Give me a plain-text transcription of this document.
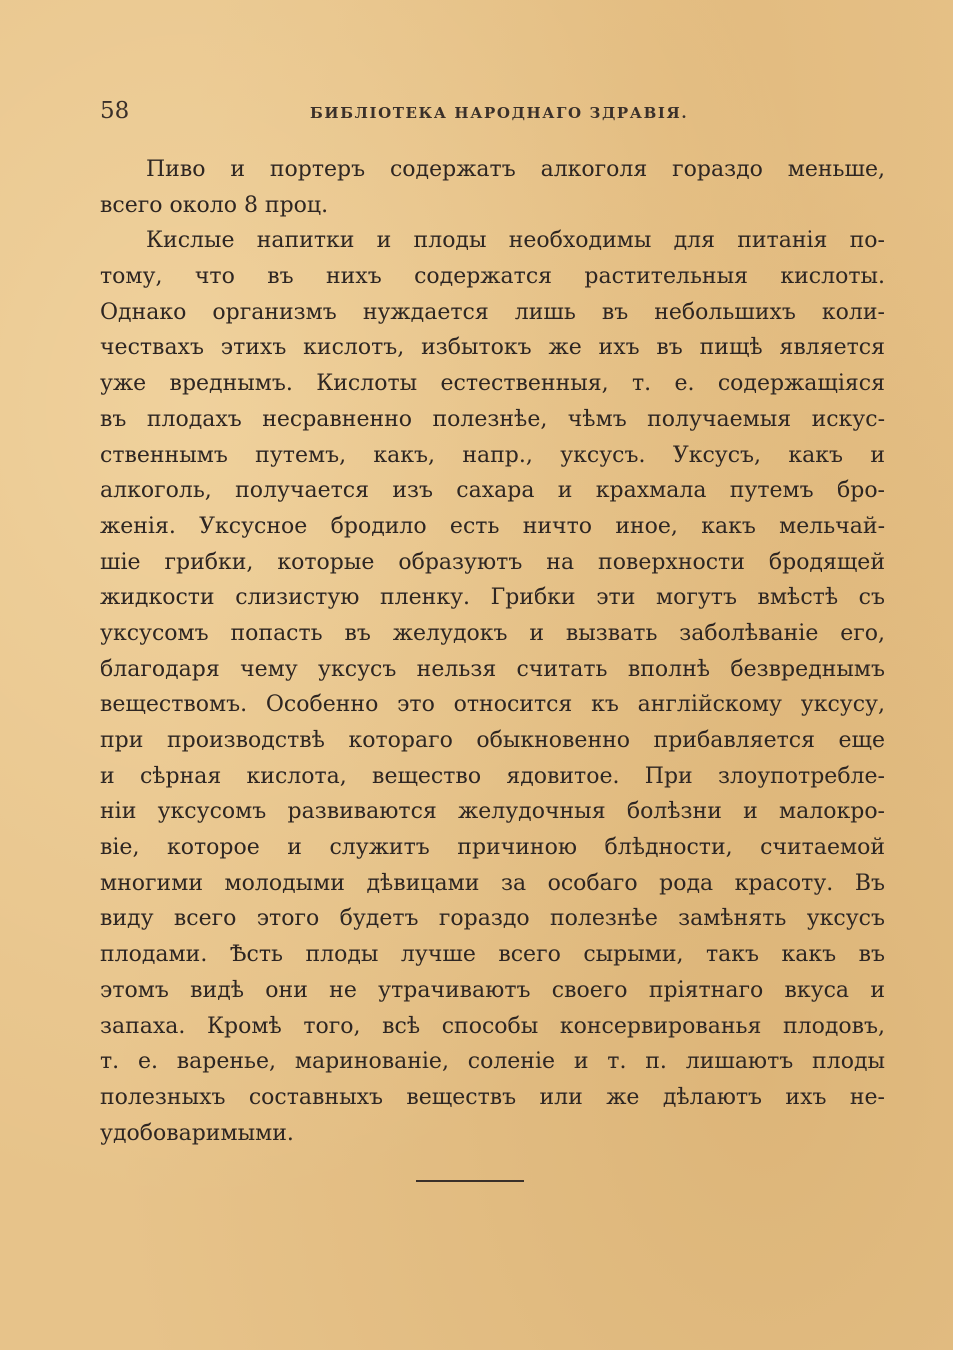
58	БИБЛIОТЕКА НАРОДНАГО ЗДРАВIЯ.
Пиво и портеръ содержатъ алкоголя гораздо меньше,
всего около 8 проц.
Кислые напитки и плоды необходимы для питанія по-
тому, что въ нихъ содержатся растительныя кислоты.
Однако организмъ нуждается лишь въ небольшихъ коли-
чествахъ этихъ кислотъ, избытокъ же ихъ въ пищѣ является
уже вреднымъ. Кислоты естественныя, т. е. содержащіяся
въ плодахъ несравненно полезнѣе, чѣмъ получаемыя искус-
ственнымъ путемъ, какъ, напр., уксусъ. Уксусъ, какъ и
алкоголь, получается изъ сахара и крахмала путемъ бро-
женія. Уксусное бродило есть ничто иное, какъ мельчай-
шіе грибки, которые образуютъ на поверхности бродящей
жидкости слизистую пленку. Грибки эти могутъ вмѣстѣ съ
уксусомъ попасть въ желудокъ и вызвать заболѣваніе его,
благодаря чему уксусъ нельзя считать вполнѣ безвреднымъ
веществомъ. Особенно это относится къ англійскому уксусу,
при производствѣ котораго обыкновенно прибавляется еще
и сѣрная кислота, вещество ядовитое. При злоупотребле-
ніи уксусомъ развиваются желудочныя болѣзни и малокро-
віе, которое и служитъ причиною блѣдности, считаемой
многими молодыми дѣвицами за особаго рода красоту. Въ
виду всего этого будетъ гораздо полезнѣе замѣнять уксусъ
плодами. Ѣсть плоды лучше всего сырыми, такъ какъ въ
этомъ видѣ они не утрачиваютъ своего пріятнаго вкуса и
запаха. Кромѣ того, всѣ способы консервированья плодовъ,
т. е. варенье, маринованіе, соленіе и т. п. лишаютъ плоды
полезныхъ составныхъ веществъ или же дѣлаютъ ихъ не-
удобоваримыми.
